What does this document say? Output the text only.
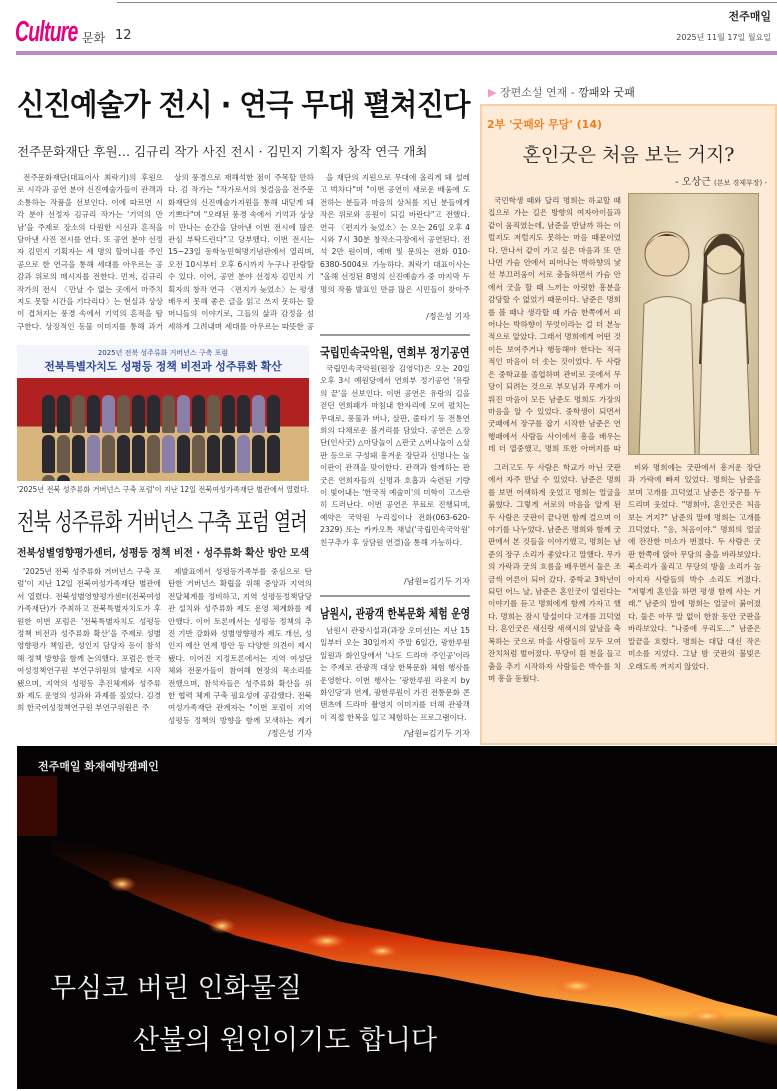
Culture 문화 12
전주매일
2025년 11월 17일 월요일
신진예술가 전시 · 연극 무대 펼쳐진다
전주문화재단 후원… 김규리 작가 사진 전시 · 김민지 기획자 창작 연극 개최
전주문화재단(대표이사 최락기)의 후원으로 시각과 공연 분야 신진예술가들이 관객과 소통하는 작품을 선보인다. 이에 따르면 시각 분야 선정자 김규리 작가는 '기억의 만남'을 주제로 장소의 다원한 시선과 흔적을 담아낸 사진 전시를 연다. 또 공연 분야 선정자 김민지 기획자는 세 명의 할머니를 주인공으로 한 연극을 통해 세대를 아우르는 공감과 위로의 메시지를 전한다. 먼저, 김규리 작가의 전시 〈만날 수 없는 곳에서 마주치지도 못할 시간을 기다리다〉는 현실과 상상이 겹쳐지는 풍경 속에서 기억의 흔적을 탐구한다. 상징적인 동물 이미지를 통해 과거
상의 풍경으로 재해석한 점이 주목할 만하다. 김 작가는 "작가로서의 첫걸음을 전주문화재단의 신진예술가지원을 통해 내딛게 돼 기쁘다"며 "오래된 풍경 속에서 기억과 상상이 만나는 순간을 담아낸 이번 전시에 많은 관심 부탁드린다"고 당부했다. 이번 전시는 15~23일 동학농민혁명기념관에서 열리며, 오전 10시부터 오후 6시까지 누구나 관람할 수 있다. 이어, 공연 분야 선정자 김민지 기획자의 창작 연극 〈편지가 늦었소〉는 평생 배우지 못해 좋은 글을 읽고 쓰지 못하는 할머니들의 이야기로, 그들의 삶과 감정을 섬세하게 그려내며 세대를 아우르는 따뜻한 공
을 재단의 지원으로 무대에 올리게 돼 설레고 벅차다"며 "이번 공연이 새로운 배움에 도전하는 분들과 마음의 상처를 지닌 분들에게 작은 위로와 응원이 되길 바란다"고 전했다. 연극 〈편지가 늦었소〉는 오는 26일 오후 4시와 7시 30분 창작소극장에서 공연된다. 전석 2만 원이며, 예매 및 문의는 전화 010-6380-5004로 가능하다. 최락기 대표이사는 "올해 선정된 8명의 신진예술가 중 마지막 두 명의 작품 발표인 만큼 많은 시민들이 찾아주
/정은성 기자
국립민속국악원, 연희부 정기공연
국립민속국악원(원장 김영덕)은 오는 20일 오후 3시 예원당에서 연희부 정기공연 '유랑의 끝'을 선보인다. 이번 공연은 유랑의 길을 걷던 연희패가 마침내 한자리에 모여 펼치는 무대로, 풍물과 버나, 살판, 줄타기 등 전통연희의 다채로운 볼거리를 담았다. 공연은 △장단(인사굿) △마당놀이 △판굿 △버나놀이 △살판 등으로 구성돼 흥겨운 장단과 신명나는 놀이판이 관객을 맞이한다. 관객과 함께하는 판굿은 연희자들의 신명과 호흡과 숙련된 기량이 빛어내는 '한국적 예술미'의 미학이 고스란히 드러난다. 이번 공연은 무료로 진행되며, 예약은 국악원 누리집이나 전화(063-620-2329) 또는 카카오톡 채널('국립민속국악원' 친구추가 후 상담원 연결)을 통해 가능하다.
/남원=김기두 기자
남원시, 관광객 한복문화 체험 운영
남원시 관광시설과(과장 오미선)는 지난 15일부터 오는 30일까지 주말 6일간, 광한루원 일원과 화인당에서 '나도 드라마 주인공'이라는 주제로 관광객 대상 한복문화 체험 행사를 운영한다. 이번 행사는 '광한루원 라운지 by 화인당'과 연계, 광한루원이 가진 전통문화 콘텐츠에 드라마 촬영지 이미지를 더해 관광객이 직접 한복을 입고 체험하는 프로그램이다.
/남원=김기두 기자
2025년 전북 성주류화 거버넌스 구축 포럼
전북특별자치도 성평등 정책 비전과 성주류화 확산
'2025년 전북 성주류화 거버넌스 구축 포럼'이 지난 12일 전북여성가족재단 별관에서 열렸다.
전북 성주류화 거버넌스 구축 포럼 열려
전북성별영향평가센터, 성평등 정책 비전 · 성주류화 확산 방안 모색
'2025년 전북 성주류화 거버넌스 구축 포럼'이 지난 12일 전북여성가족재단 별관에서 열렸다. 전북성별영향평가센터(전북여성가족재단)가 주최하고 전북특별자치도가 후원한 이번 포럼은 '전북특별자치도 성평등 정책 비전과 성주류화 확산'을 주제로 성별영향평가 책임관, 성인지 담당자 등이 참석해 정책 방향을 함께 논의했다. 포럼은 한국여성정책연구원 부연구위원의 발제로 시작됐으며, 지역의 성평등 추진체계와 성주류화 제도 운영의 성과와 과제를 짚었다. 김경희 한국여성정책연구원 부연구위원은 주
제발표에서 성평등가족부를 중심으로 탄탄한 거버넌스 확립을 위해 중앙과 지역의 전달체계를 정비하고, 지역 성평등정책담당관 설치와 성주류화 제도 운영 체계화를 제안했다. 이어 토론에서는 성평등 정책의 추진 기반 강화와 성별영향평가 제도 개선, 성인지 예산 연계 방안 등 다양한 의견이 제시됐다. 이어진 지정토론에서는 지역 여성단체와 전문가들이 참여해 현장의 목소리를 전했으며, 참석자들은 성주류화 확산을 위한 협력 체계 구축 필요성에 공감했다. 전북여성가족재단 관계자는 "이번 포럼이 지역 성평등 정책의 방향을 함께 모색하는 계기
/정은성 기자
▶ 장편소설 연재 - 깡패와 굿패
2부 '굿패와 무당' (14)
혼인굿은 처음 보는 거지?
- 오상근 (본보 경제부장) -
국민학생 때와 달리 명희는 하교할 때 집으로 가는 길은 방향의 여자아이들과 같이 움직였는데, 남준을 반날까 하는 이럴지도 저럴지도 못하는 마음 때문이었다. 만나서 같이 가고 싶은 마음과 또 만나면 가슴 안에서 피어나는 박하향의 낯선 부끄러움이 서로 충돌하면서 가슴 안에서 굿을 할 때 느끼는 아릿한 흥분을 감당할 수 없었기 때문이다. 남준은 명희를 볼 때나 생각할 때 가슴 한쪽에서 피어나는 박하향이 무엇이라는 걸 더 본능적으로 알았다. 그래서 명희에게 어떤 것이든 보여주거나 행동해야 한다는 적극적인 마음이 더 솟는 것이었다. 두 사람은 중학교를 졸업하며 관비로 곳에서 무당이 되려는 것으로 부모님과 무계가 이뤄진 마음이 모든 남준도 명희도 가장의 마음을 알 수 있었다. 중학생이 되면서 굿패에서 장구를 잡기 시작한 남준은 연행패에서 사람들 사이에서 흥을 배우는 데 더 열중했고, 명희 또한 아버지를 따
그러고도 두 사람은 학교가 아닌 굿판에서 자주 만날 수 있었다. 남준은 명희를 보면 어색하게 웃었고 명희는 얼굴을 붉혔다. 그렇게 서로의 마음을 알게 된 두 사람은 굿판이 끝나면 함께 걸으며 이야기를 나누었다. 남준은 명희와 함께 굿판에서 본 것들을 이야기했고, 명희는 남준의 장구 소리가 좋았다고 말했다. 무가의 가락과 굿의 흐름을 배우면서 둘은 조금씩 어른이 되어 갔다. 중학교 3학년이 되던 어느 날, 남준은 혼인굿이 열린다는 이야기를 듣고 명희에게 함께 가자고 했다. 명희는 잠시 망설이다 고개를 끄덕였다. 혼인굿은 새신랑 새색시의 앞날을 축복하는 굿으로 마을 사람들이 모두 모여 잔치처럼 벌어졌다. 무당이 흰 천을 들고 춤을 추기 시작하자 사람들은 박수를 치며 흥을 돋웠다.
비와 명희에는 굿판에서 흥겨운 장단과 가락에 빠져 있었다. 명희는 남준을 보며 고개를 끄덕였고 남준은 장구를 두드리며 웃었다. "명희야, 혼인굿은 처음 보는 거지?" 남준의 말에 명희는 고개를 끄덕였다. "응, 처음이야." 명희의 얼굴에 잔잔한 미소가 번졌다. 두 사람은 굿판 한쪽에 앉아 무당의 춤을 바라보았다. 북소리가 울리고 무당의 방울 소리가 높아지자 사람들의 박수 소리도 커졌다. "저렇게 혼인을 하면 평생 함께 사는 거래." 남준의 말에 명희는 얼굴이 붉어졌다. 둘은 아무 말 없이 한참 동안 굿판을 바라보았다. "나중에 우리도…" 남준은 말끝을 흐렸다. 명희는 대답 대신 작은 미소를 지었다. 그날 밤 굿판의 불빛은 오래도록 꺼지지 않았다.
전주매일 화재예방캠페인
무심코 버린 인화물질
산불의 원인이기도 합니다
